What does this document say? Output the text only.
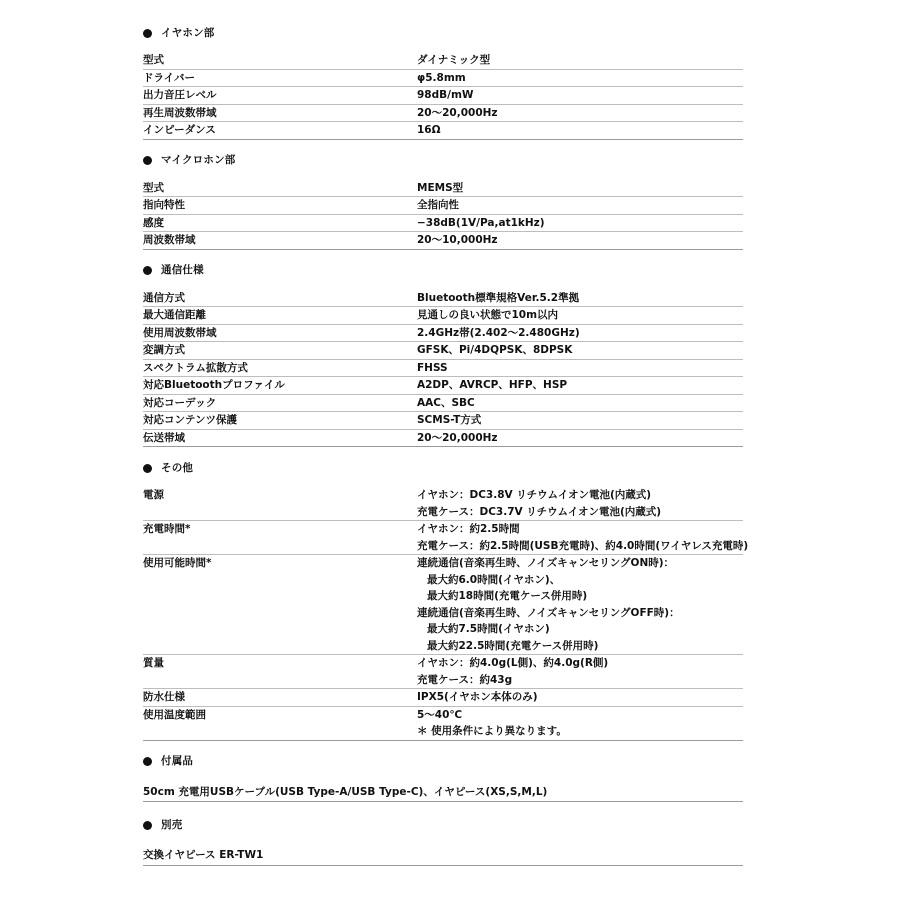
イヤホン部
型式	ダイナミック型
ドライバー	φ5.8mm
出力音圧レベル	98dB/mW
再生周波数帯域	20〜20,000Hz
インピーダンス	16Ω
マイクロホン部
型式	MEMS型
指向特性	全指向性
感度	−38dB(1V/Pa,at1kHz)
周波数帯域	20〜10,000Hz
通信仕様
通信方式	Bluetooth標準規格Ver.5.2準拠
最大通信距離	見通しの良い状態で10m以内
使用周波数帯域	2.4GHz帯(2.402〜2.480GHz)
変調方式	GFSK、Pi/4DQPSK、8DPSK
スペクトラム拡散方式	FHSS
対応Bluetoothプロファイル	A2DP、AVRCP、HFP、HSP
対応コーデック	AAC、SBC
対応コンテンツ保護	SCMS-T方式
伝送帯域	20〜20,000Hz
その他
電源	イヤホン：DC3.8V リチウムイオン電池(内蔵式)
充電ケース：DC3.7V リチウムイオン電池(内蔵式)
充電時間*	イヤホン：約2.5時間
充電ケース：約2.5時間(USB充電時)、約4.0時間(ワイヤレス充電時)
使用可能時間*	連続通信(音楽再生時、ノイズキャンセリングON時)：
最大約6.0時間(イヤホン)、
最大約18時間(充電ケース併用時)
連続通信(音楽再生時、ノイズキャンセリングOFF時)：
最大約7.5時間(イヤホン)
最大約22.5時間(充電ケース併用時)
質量	イヤホン：約4.0g(L側)、約4.0g(R側)
充電ケース：約43g
防水仕様	IPX5(イヤホン本体のみ)
使用温度範囲	5〜40℃
＊ 使用条件により異なります。
付属品
50cm 充電用USBケーブル(USB Type-A/USB Type-C)、イヤピース(XS,S,M,L)
別売
交換イヤピース ER-TW1
